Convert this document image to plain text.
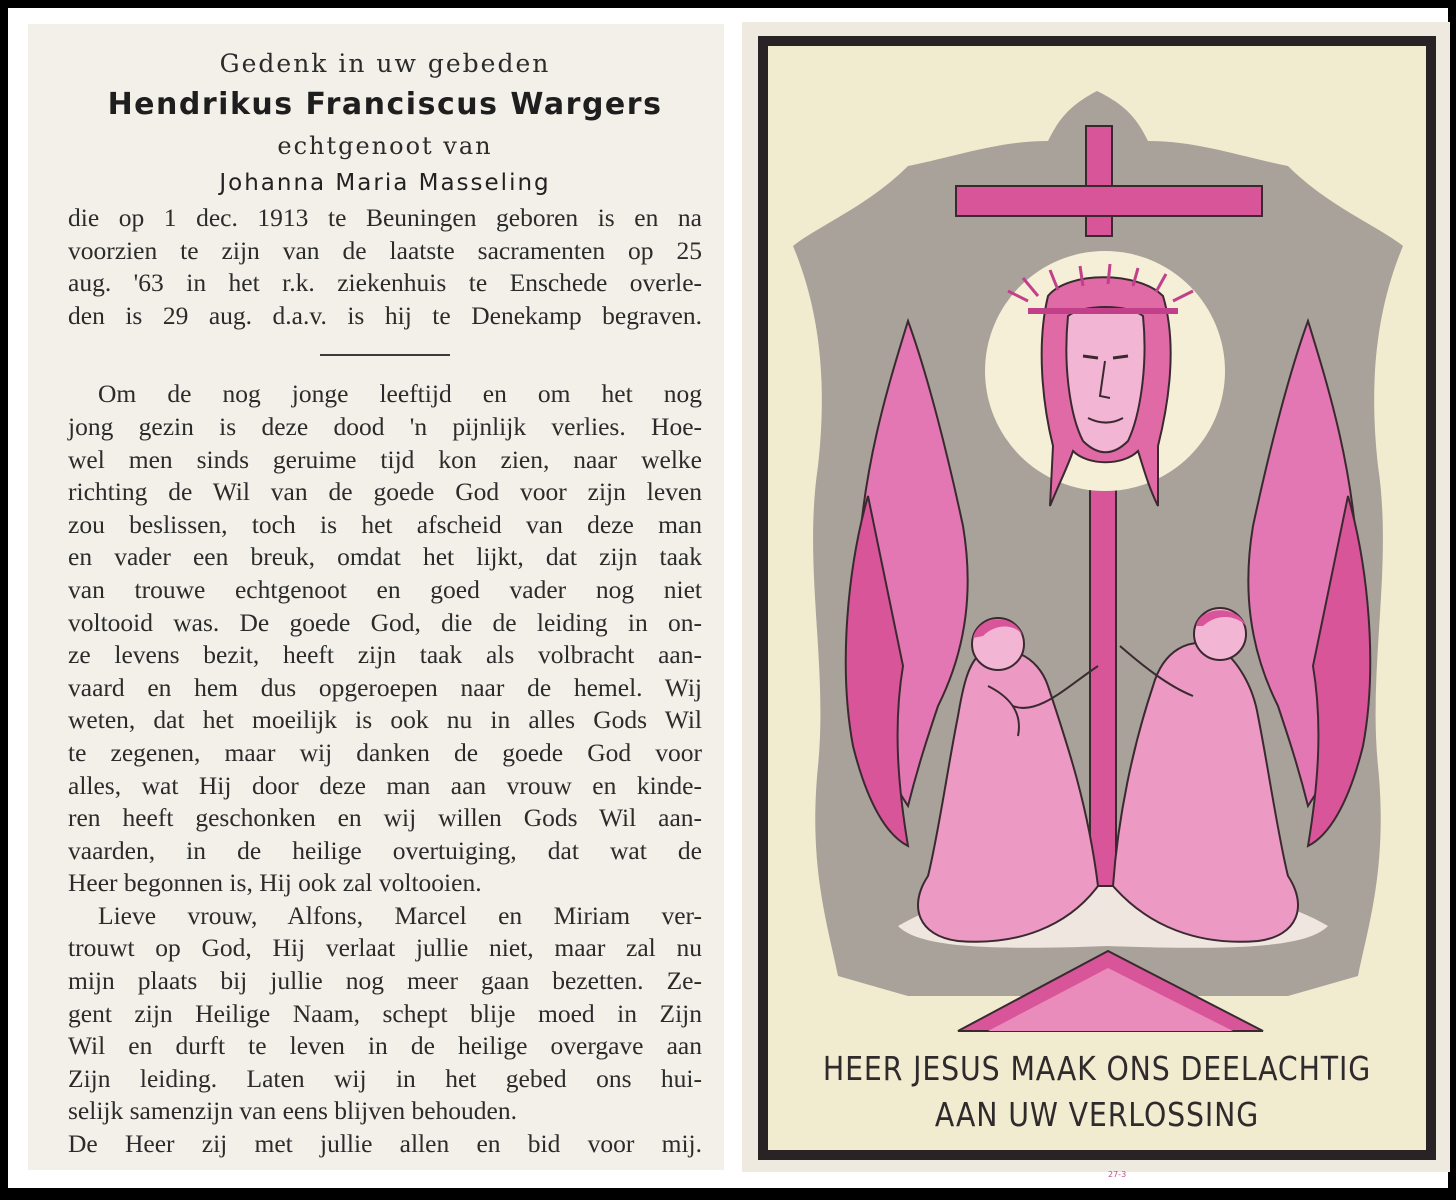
Gedenk in uw gebeden

Hendrikus Franciscus Wargers

echtgenoot van

Johanna Maria Masseling

die op 1 dec. 1913 te Beuningen geboren is en na
voorzien te zijn van de laatste sacramenten op 25
aug. '63 in het r.k. ziekenhuis te Enschede overle-
den is 29 aug. d.a.v. is hij te Denekamp begraven.
Om de nog jonge leeftijd en om het nog
jong gezin is deze dood 'n pijnlijk verlies. Hoe-
wel men sinds geruime tijd kon zien, naar welke
richting de Wil van de goede God voor zijn leven
zou beslissen, toch is het afscheid van deze man
en vader een breuk, omdat het lijkt, dat zijn taak
van trouwe echtgenoot en goed vader nog niet
voltooid was. De goede God, die de leiding in on-
ze levens bezit, heeft zijn taak als volbracht aan-
vaard en hem dus opgeroepen naar de hemel. Wij
weten, dat het moeilijk is ook nu in alles Gods Wil
te zegenen, maar wij danken de goede God voor
alles, wat Hij door deze man aan vrouw en kinde-
ren heeft geschonken en wij willen Gods Wil aan-
vaarden, in de heilige overtuiging, dat wat de
Heer begonnen is, Hij ook zal voltooien.
Lieve vrouw, Alfons, Marcel en Miriam ver-
trouwt op God, Hij verlaat jullie niet, maar zal nu
mijn plaats bij jullie nog meer gaan bezetten. Ze-
gent zijn Heilige Naam, schept blije moed in Zijn
Wil en durft te leven in de heilige overgave aan
Zijn leiding. Laten wij in het gebed ons hui-
selijk samenzijn van eens blijven behouden.
De Heer zij met jullie allen en bid voor mij.
HEER JESUS MAAK ONS DEELACHTIG
AAN UW VERLOSSING
27-3
